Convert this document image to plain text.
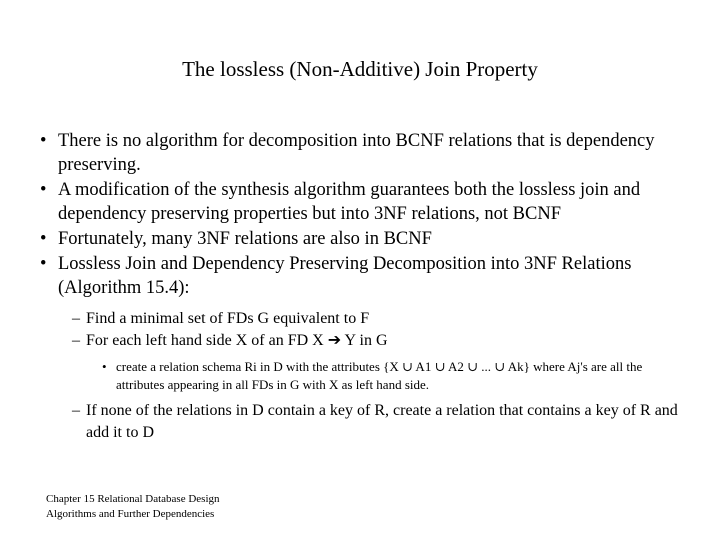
The lossless (Non-Additive) Join Property
• There is no algorithm for decomposition into BCNF relations that is dependency preserving.
• A modification of the synthesis algorithm guarantees both the lossless join and dependency preserving properties but into 3NF relations, not BCNF
• Fortunately, many 3NF relations are also in BCNF
• Lossless Join and Dependency Preserving Decomposition into 3NF Relations (Algorithm 15.4):
– Find a minimal set of FDs G equivalent to F
– For each left hand side X of an FD X ➔ Y in G
• create a relation schema Ri in D with the attributes {X ∪ A1 ∪ A2 ∪ ... ∪ Ak} where Aj's are all the attributes appearing in all FDs in G with X as left hand side.
– If none of the relations in D contain a key of R, create a relation that contains a key of R and add it to D
Chapter 15 Relational Database Design
Algorithms and Further Dependencies
